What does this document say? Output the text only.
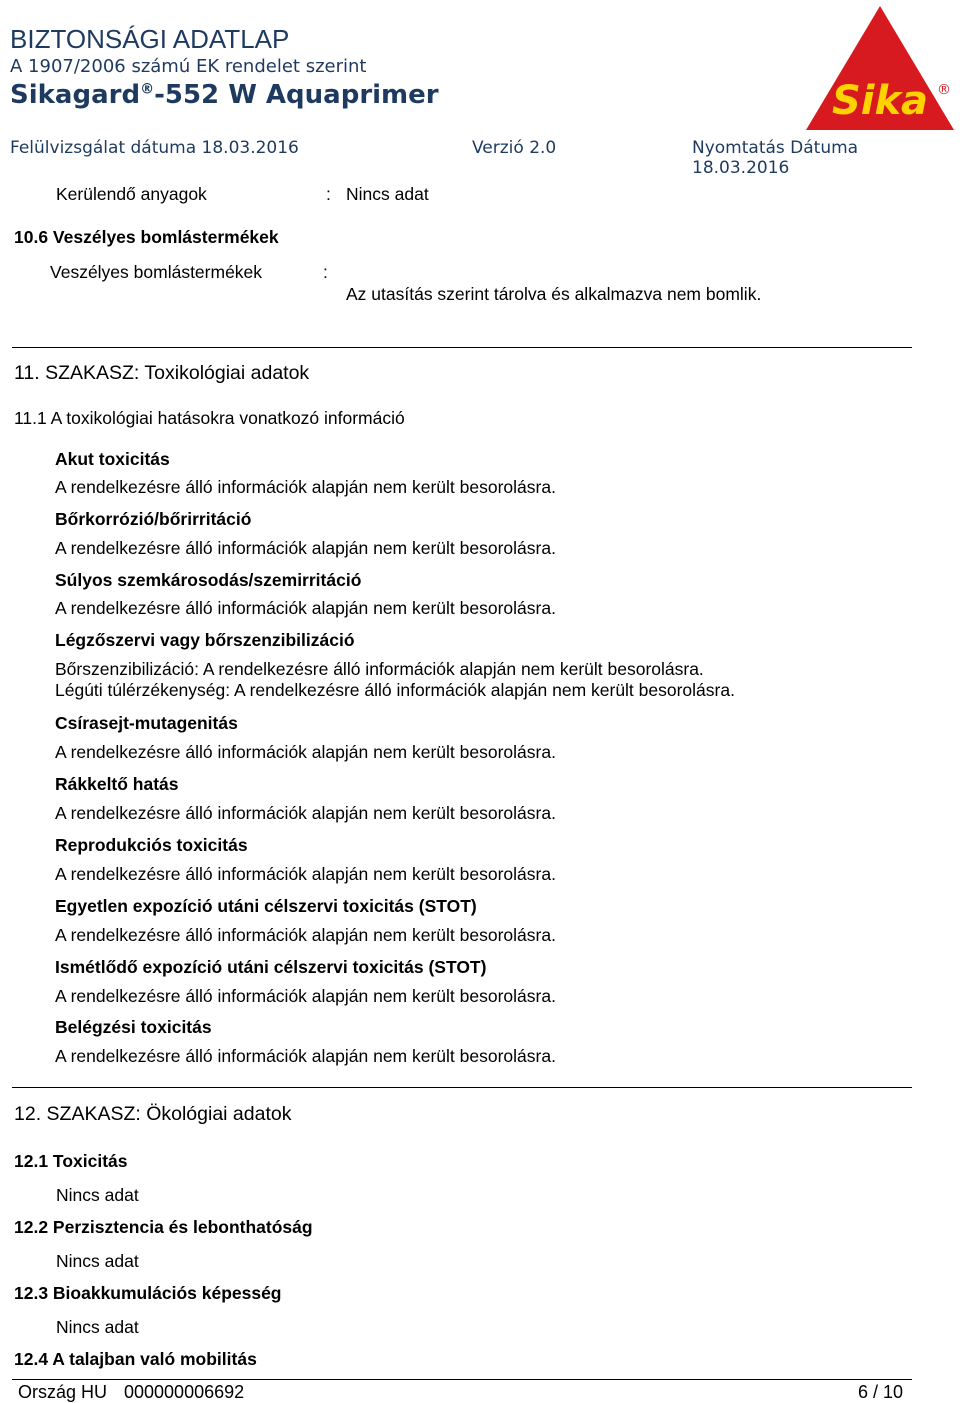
BIZTONSÁGI ADATLAP
A 1907/2006 számú EK rendelet szerint
Sikagard®-552 W Aquaprimer
Felülvizsgálat dátuma 18.03.2016	Verzió 2.0	Nyomtatás Dátuma 18.03.2016
Sika ®
Kerülendő anyagok	: Nincs adat
10.6 Veszélyes bomlástermékek
Veszélyes bomlástermékek	:
Az utasítás szerint tárolva és alkalmazva nem bomlik.
11. SZAKASZ: Toxikológiai adatok
11.1 A toxikológiai hatásokra vonatkozó információ
Akut toxicitás
A rendelkezésre álló információk alapján nem került besorolásra.
Bőrkorrózió/bőrirritáció
A rendelkezésre álló információk alapján nem került besorolásra.
Súlyos szemkárosodás/szemirritáció
A rendelkezésre álló információk alapján nem került besorolásra.
Légzőszervi vagy bőrszenzibilizáció
Bőrszenzibilizáció: A rendelkezésre álló információk alapján nem került besorolásra.
Légúti túlérzékenység: A rendelkezésre álló információk alapján nem került besorolásra.
Csírasejt-mutagenitás
A rendelkezésre álló információk alapján nem került besorolásra.
Rákkeltő hatás
A rendelkezésre álló információk alapján nem került besorolásra.
Reprodukciós toxicitás
A rendelkezésre álló információk alapján nem került besorolásra.
Egyetlen expozíció utáni célszervi toxicitás (STOT)
A rendelkezésre álló információk alapján nem került besorolásra.
Ismétlődő expozíció utáni célszervi toxicitás (STOT)
A rendelkezésre álló információk alapján nem került besorolásra.
Belégzési toxicitás
A rendelkezésre álló információk alapján nem került besorolásra.
12. SZAKASZ: Ökológiai adatok
12.1 Toxicitás
Nincs adat
12.2 Perzisztencia és lebonthatóság
Nincs adat
12.3 Bioakkumulációs képesség
Nincs adat
12.4 A talajban való mobilitás
Ország HU 000000006692	6 / 10
